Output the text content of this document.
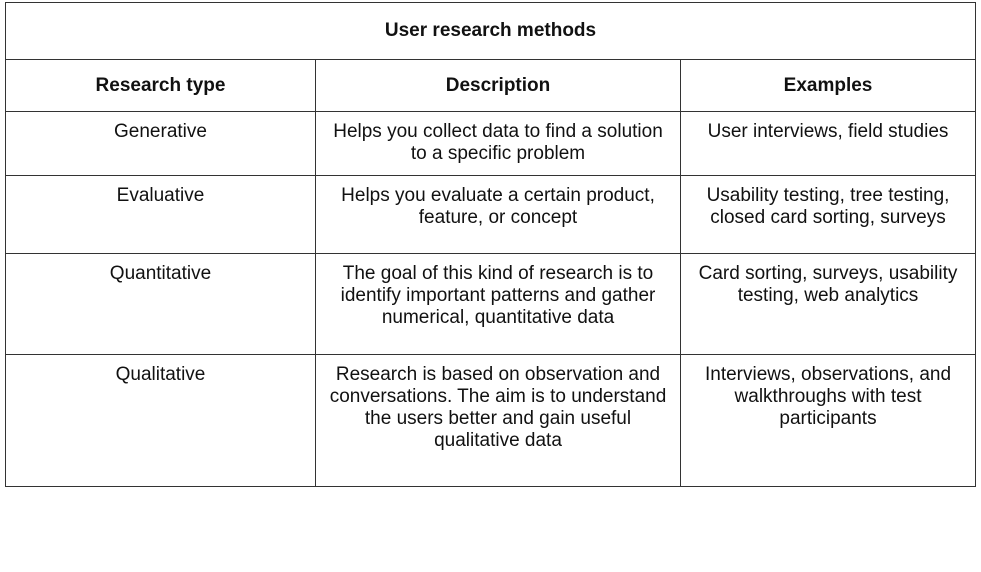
User research methods		
Research type	Description	Examples
Generative	Helps you collect data to find a solution to a specific problem	User interviews, field studies
Evaluative	Helps you evaluate a certain product, feature, or concept	Usability testing, tree testing, closed card sorting, surveys
Quantitative	The goal of this kind of research is to identify important patterns and gather numerical, quantitative data	Card sorting, surveys, usability testing, web analytics
Qualitative	Research is based on observation and conversations. The aim is to understand the users better and gain useful qualitative data	Interviews, observations, and walkthroughs with test participants
